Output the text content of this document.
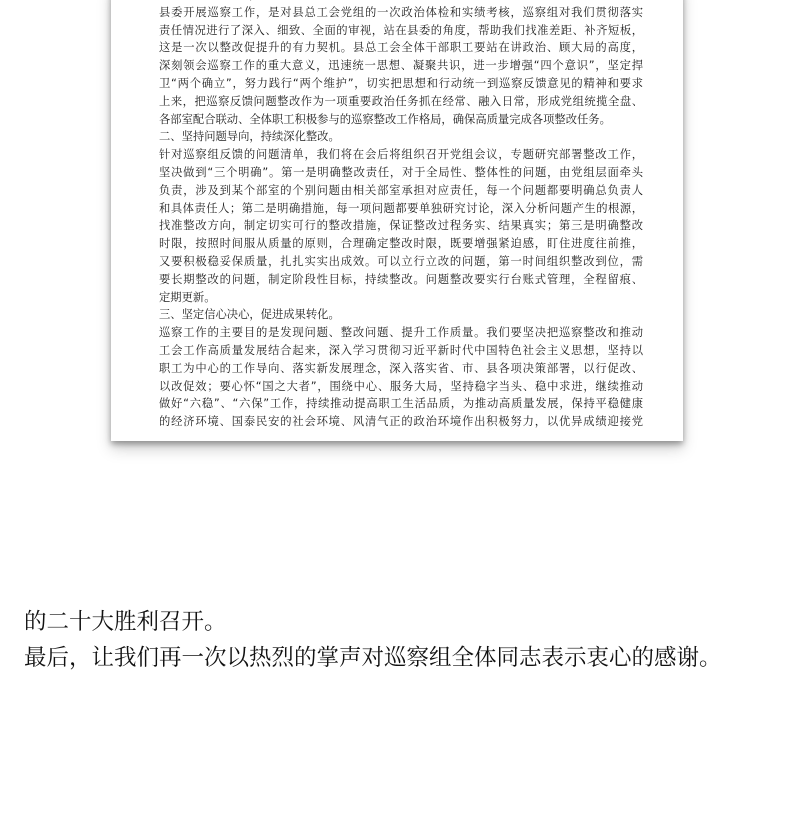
县委开展巡察工作，是对县总工会党组的一次政治体检和实绩考核，巡察组对我们贯彻落实
责任情况进行了深入、细致、全面的审视，站在县委的角度，帮助我们找准差距、补齐短板，
这是一次以整改促提升的有力契机。县总工会全体干部职工要站在讲政治、顾大局的高度，
深刻领会巡察工作的重大意义，迅速统一思想、凝聚共识，进一步增强“四个意识”，坚定捍
卫“两个确立”，努力践行“两个维护”，切实把思想和行动统一到巡察反馈意见的精神和要求
上来，把巡察反馈问题整改作为一项重要政治任务抓在经常、融入日常，形成党组统揽全盘、
各部室配合联动、全体职工积极参与的巡察整改工作格局，确保高质量完成各项整改任务。
二、坚持问题导向，持续深化整改。
针对巡察组反馈的问题清单，我们将在会后将组织召开党组会议，专题研究部署整改工作，
坚决做到“三个明确”。第一是明确整改责任，对于全局性、整体性的问题，由党组层面牵头
负责，涉及到某个部室的个别问题由相关部室承担对应责任，每一个问题都要明确总负责人
和具体责任人；第二是明确措施，每一项问题都要单独研究讨论，深入分析问题产生的根源，
找准整改方向，制定切实可行的整改措施，保证整改过程务实、结果真实；第三是明确整改
时限，按照时间服从质量的原则，合理确定整改时限，既要增强紧迫感，盯住进度往前推，
又要积极稳妥保质量，扎扎实实出成效。可以立行立改的问题，第一时间组织整改到位，需
要长期整改的问题，制定阶段性目标，持续整改。问题整改要实行台账式管理，全程留痕、
定期更新。
三、坚定信心决心，促进成果转化。
巡察工作的主要目的是发现问题、整改问题、提升工作质量。我们要坚决把巡察整改和推动
工会工作高质量发展结合起来，深入学习贯彻习近平新时代中国特色社会主义思想，坚持以
职工为中心的工作导向、落实新发展理念，深入落实省、市、县各项决策部署，以行促改、
以改促效；要心怀“国之大者”，围绕中心、服务大局，坚持稳字当头、稳中求进，继续推动
做好“六稳”、“六保”工作，持续推动提高职工生活品质，为推动高质量发展，保持平稳健康
的经济环境、国泰民安的社会环境、风清气正的政治环境作出积极努力，以优异成绩迎接党
的二十大胜利召开。
最后，让我们再一次以热烈的掌声对巡察组全体同志表示衷心的感谢。
